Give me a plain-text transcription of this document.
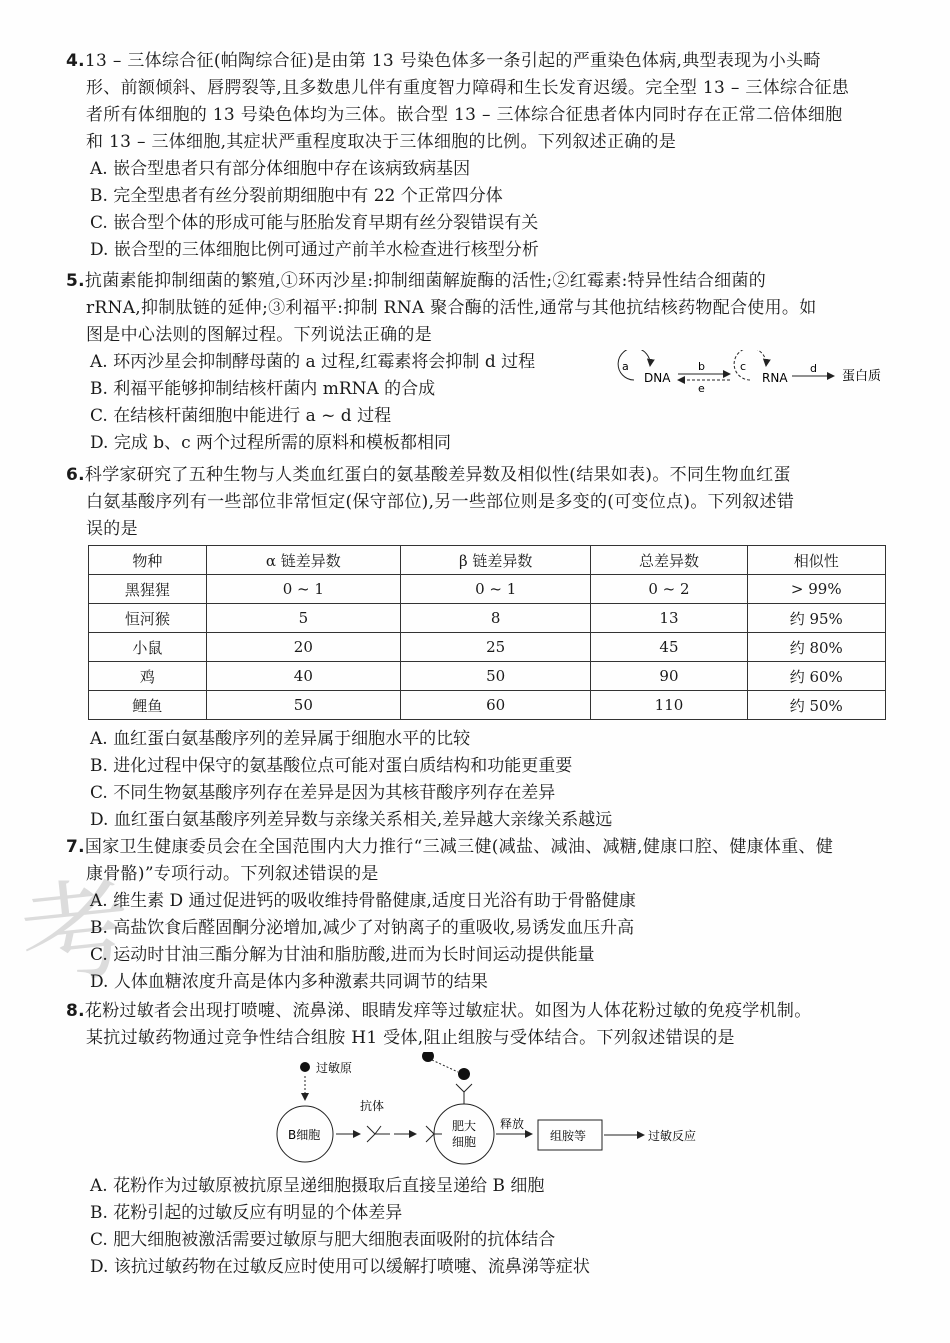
考
4.13 – 三体综合征(帕陶综合征)是由第 13 号染色体多一条引起的严重染色体病,典型表现为小头畸
形、前额倾斜、唇腭裂等,且多数患儿伴有重度智力障碍和生长发育迟缓。完全型 13 – 三体综合征患
者所有体细胞的 13 号染色体均为三体。嵌合型 13 – 三体综合征患者体内同时存在正常二倍体细胞
和 13 – 三体细胞,其症状严重程度取决于三体细胞的比例。下列叙述正确的是
A. 嵌合型患者只有部分体细胞中存在该病致病基因
B. 完全型患者有丝分裂前期细胞中有 22 个正常四分体
C. 嵌合型个体的形成可能与胚胎发育早期有丝分裂错误有关
D. 嵌合型的三体细胞比例可通过产前羊水检查进行核型分析
5.抗菌素能抑制细菌的繁殖,①环丙沙星:抑制细菌解旋酶的活性;②红霉素:特异性结合细菌的
rRNA,抑制肽链的延伸;③利福平:抑制 RNA 聚合酶的活性,通常与其他抗结核药物配合使用。如
图是中心法则的图解过程。下列说法正确的是
A. 环丙沙星会抑制酵母菌的 a 过程,红霉素将会抑制 d 过程
B. 利福平能够抑制结核杆菌内 mRNA 的合成
C. 在结核杆菌细胞中能进行 a ~ d 过程
D. 完成 b、c 两个过程所需的原料和模板都相同
a
DNA
b
e
c
RNA
d
蛋白质
6.科学家研究了五种生物与人类血红蛋白的氨基酸差异数及相似性(结果如表)。不同生物血红蛋
白氨基酸序列有一些部位非常恒定(保守部位),另一些部位则是多变的(可变位点)。下列叙述错
误的是
物种	α 链差异数	β 链差异数	总差异数	相似性
黑猩猩	0 ~ 1	0 ~ 1	0 ~ 2	> 99%
恒河猴	5	8	13	约 95%
小鼠	20	25	45	约 80%
鸡	40	50	90	约 60%
鲤鱼	50	60	110	约 50%
A. 血红蛋白氨基酸序列的差异属于细胞水平的比较
B. 进化过程中保守的氨基酸位点可能对蛋白质结构和功能更重要
C. 不同生物氨基酸序列存在差异是因为其核苷酸序列存在差异
D. 血红蛋白氨基酸序列差异数与亲缘关系相关,差异越大亲缘关系越远
7.国家卫生健康委员会在全国范围内大力推行“三减三健(减盐、减油、减糖,健康口腔、健康体重、健
康骨骼)”专项行动。下列叙述错误的是
A. 维生素 D 通过促进钙的吸收维持骨骼健康,适度日光浴有助于骨骼健康
B. 高盐饮食后醛固酮分泌增加,减少了对钠离子的重吸收,易诱发血压升高
C. 运动时甘油三酯分解为甘油和脂肪酸,进而为长时间运动提供能量
D. 人体血糖浓度升高是体内多种激素共同调节的结果
8.花粉过敏者会出现打喷嚏、流鼻涕、眼睛发痒等过敏症状。如图为人体花粉过敏的免疫学机制。
某抗过敏药物通过竞争性结合组胺 H1 受体,阻止组胺与受体结合。下列叙述错误的是
过敏原
B细胞
抗体
肥大
细胞
释放
组胺等	过敏反应
A. 花粉作为过敏原被抗原呈递细胞摄取后直接呈递给 B 细胞
B. 花粉引起的过敏反应有明显的个体差异
C. 肥大细胞被激活需要过敏原与肥大细胞表面吸附的抗体结合
D. 该抗过敏药物在过敏反应时使用可以缓解打喷嚏、流鼻涕等症状
